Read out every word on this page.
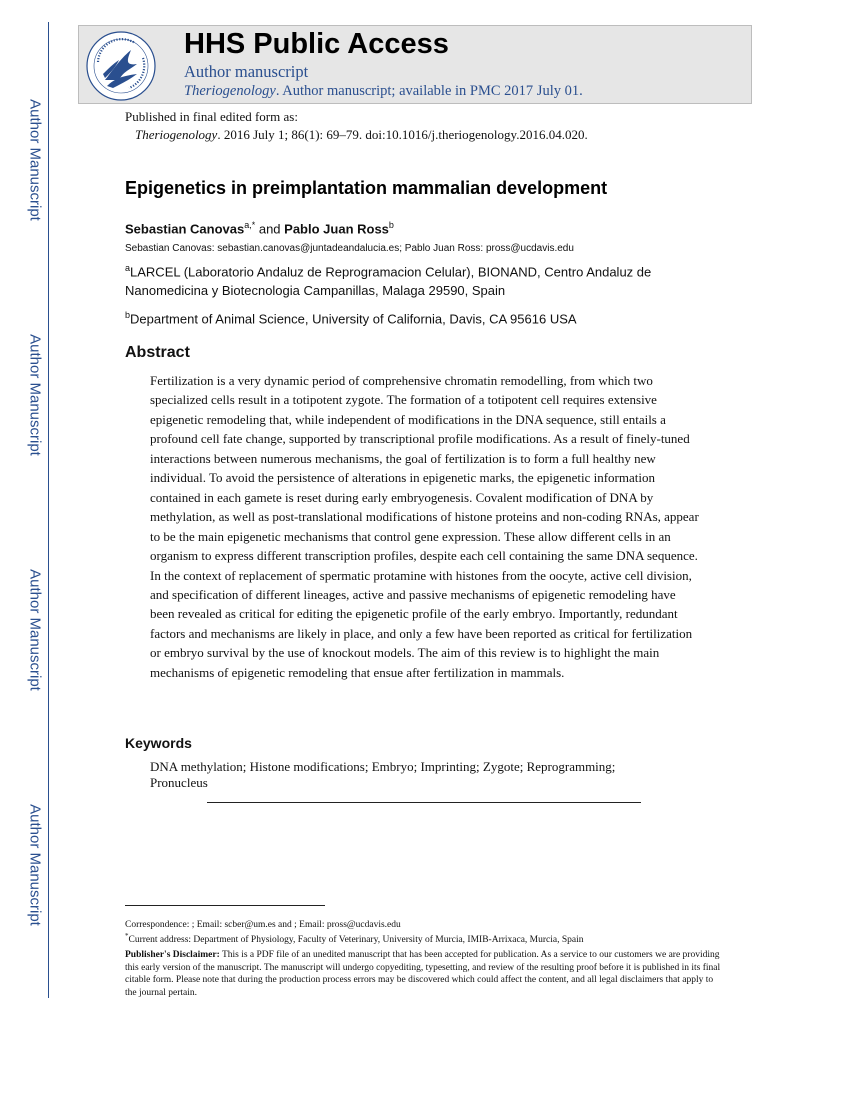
Author Manuscript
Author Manuscript
Author Manuscript
Author Manuscript
HHS Public Access
Author manuscript
Theriogenology. Author manuscript; available in PMC 2017 July 01.
Published in final edited form as:
Theriogenology. 2016 July 1; 86(1): 69–79. doi:10.1016/j.theriogenology.2016.04.020.
Epigenetics in preimplantation mammalian development
Sebastian Canovas$^{a,*}$ and Pablo Juan Ross$^b$
Sebastian Canovas: sebastian.canovas@juntadeandalucia.es; Pablo Juan Ross: pross@ucdavis.edu
$^a$LARCEL (Laboratorio Andaluz de Reprogramacion Celular), BIONAND, Centro Andaluz de Nanomedicina y Biotecnologia Campanillas, Malaga 29590, Spain
$^b$Department of Animal Science, University of California, Davis, CA 95616 USA
Abstract
Fertilization is a very dynamic period of comprehensive chromatin remodelling, from which two specialized cells result in a totipotent zygote. The formation of a totipotent cell requires extensive epigenetic remodeling that, while independent of modifications in the DNA sequence, still entails a profound cell fate change, supported by transcriptional profile modifications. As a result of finely-tuned interactions between numerous mechanisms, the goal of fertilization is to form a full healthy new individual. To avoid the persistence of alterations in epigenetic marks, the epigenetic information contained in each gamete is reset during early embryogenesis. Covalent modification of DNA by methylation, as well as post-translational modifications of histone proteins and non-coding RNAs, appear to be the main epigenetic mechanisms that control gene expression. These allow different cells in an organism to express different transcription profiles, despite each cell containing the same DNA sequence. In the context of replacement of spermatic protamine with histones from the oocyte, active cell division, and specification of different lineages, active and passive mechanisms of epigenetic remodeling have been revealed as critical for editing the epigenetic profile of the early embryo. Importantly, redundant factors and mechanisms are likely in place, and only a few have been reported as critical for fertilization or embryo survival by the use of knockout models. The aim of this review is to highlight the main mechanisms of epigenetic remodeling that ensue after fertilization in mammals.
Keywords
DNA methylation; Histone modifications; Embryo; Imprinting; Zygote; Reprogramming; Pronucleus
Correspondence: ; Email: scber@um.es and ; Email: pross@ucdavis.edu
*Current address: Department of Physiology, Faculty of Veterinary, University of Murcia, IMIB-Arrixaca, Murcia, Spain
Publisher's Disclaimer: This is a PDF file of an unedited manuscript that has been accepted for publication. As a service to our customers we are providing this early version of the manuscript. The manuscript will undergo copyediting, typesetting, and review of the resulting proof before it is published in its final citable form. Please note that during the production process errors may be discovered which could affect the content, and all legal disclaimers that apply to the journal pertain.
